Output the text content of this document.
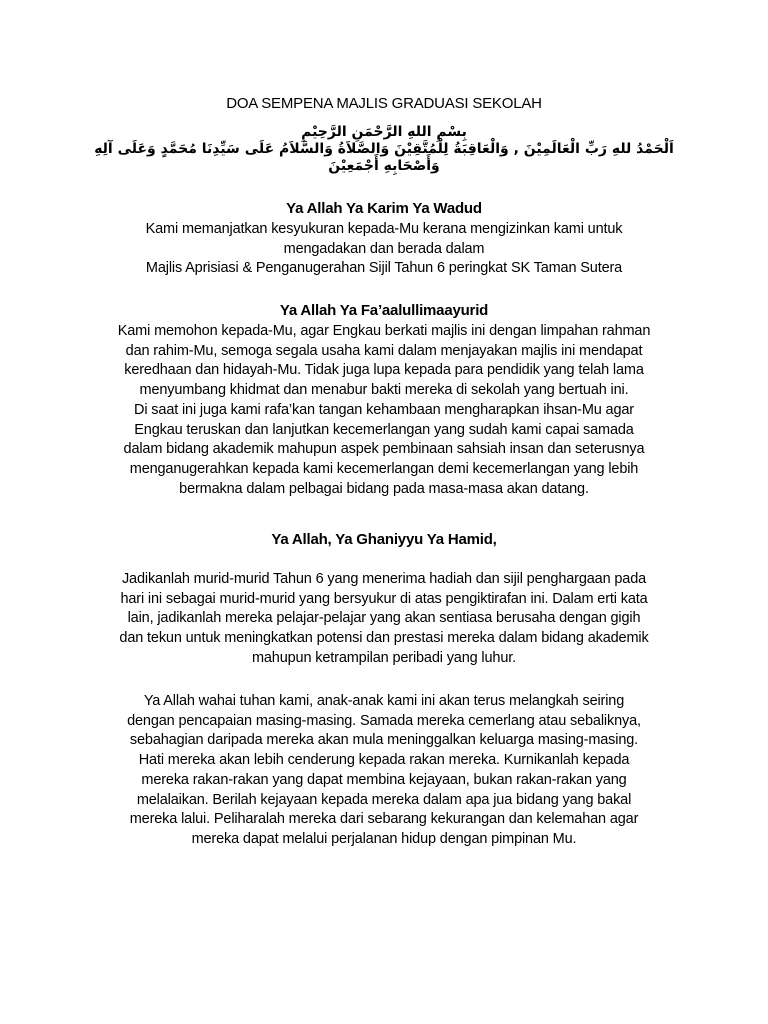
DOA SEMPENA MAJLIS GRADUASI SEKOLAH

بِسْمِ اللهِ الرَّحْمَنِ الرَّحِيْمِ
اَلْحَمْدُ للهِ رَبِّ الْعَالَمِيْنَ , وَالْعَاقِبَةُ لِلْمُتَّقِيْنَ وَالصَّلاَةُ وَالسَّلاَمُ عَلَى سَيِّدِنَا مُحَمَّدٍ وَعَلَى آلِهِ
وَأَصْحَابِهِ أَجْمَعِيْنَ

Ya Allah Ya Karim Ya Wadud

Kami memanjatkan kesyukuran kepada-Mu kerana mengizinkan kami untuk
mengadakan dan berada dalam
Majlis Aprisiasi & Penganugerahan Sijil Tahun 6 peringkat SK Taman Sutera

Ya Allah Ya Fa’aalullimaayurid

Kami memohon kepada-Mu, agar Engkau berkati majlis ini dengan limpahan rahman
dan rahim-Mu, semoga segala usaha kami dalam menjayakan majlis ini mendapat
keredhaan dan hidayah-Mu. Tidak juga lupa kepada para pendidik yang telah lama
menyumbang khidmat dan menabur bakti mereka di sekolah yang bertuah ini.
Di saat ini juga kami rafa’kan tangan kehambaan mengharapkan ihsan-Mu agar
Engkau teruskan dan lanjutkan kecemerlangan yang sudah kami capai samada
dalam bidang akademik mahupun aspek pembinaan sahsiah insan dan seterusnya
menganugerahkan kepada kami kecemerlangan demi kecemerlangan yang lebih
bermakna dalam pelbagai bidang pada masa-masa akan datang.

Ya Allah, Ya Ghaniyyu Ya Hamid,

Jadikanlah murid-murid Tahun 6 yang menerima hadiah dan sijil penghargaan pada
hari ini sebagai murid-murid yang bersyukur di atas pengiktirafan ini. Dalam erti kata
lain, jadikanlah mereka pelajar-pelajar yang akan sentiasa berusaha dengan gigih
dan tekun untuk meningkatkan potensi dan prestasi mereka dalam bidang akademik
mahupun ketrampilan peribadi yang luhur.

Ya Allah wahai tuhan kami, anak-anak kami ini akan terus melangkah seiring
dengan pencapaian masing-masing. Samada mereka cemerlang atau sebaliknya,
sebahagian daripada mereka akan mula meninggalkan keluarga masing-masing.
Hati mereka akan lebih cenderung kepada rakan mereka. Kurnikanlah kepada
mereka rakan-rakan yang dapat membina kejayaan, bukan rakan-rakan yang
melalaikan. Berilah kejayaan kepada mereka dalam apa jua bidang yang bakal
mereka lalui. Peliharalah mereka dari sebarang kekurangan dan kelemahan agar
mereka dapat melalui perjalanan hidup dengan pimpinan Mu.
